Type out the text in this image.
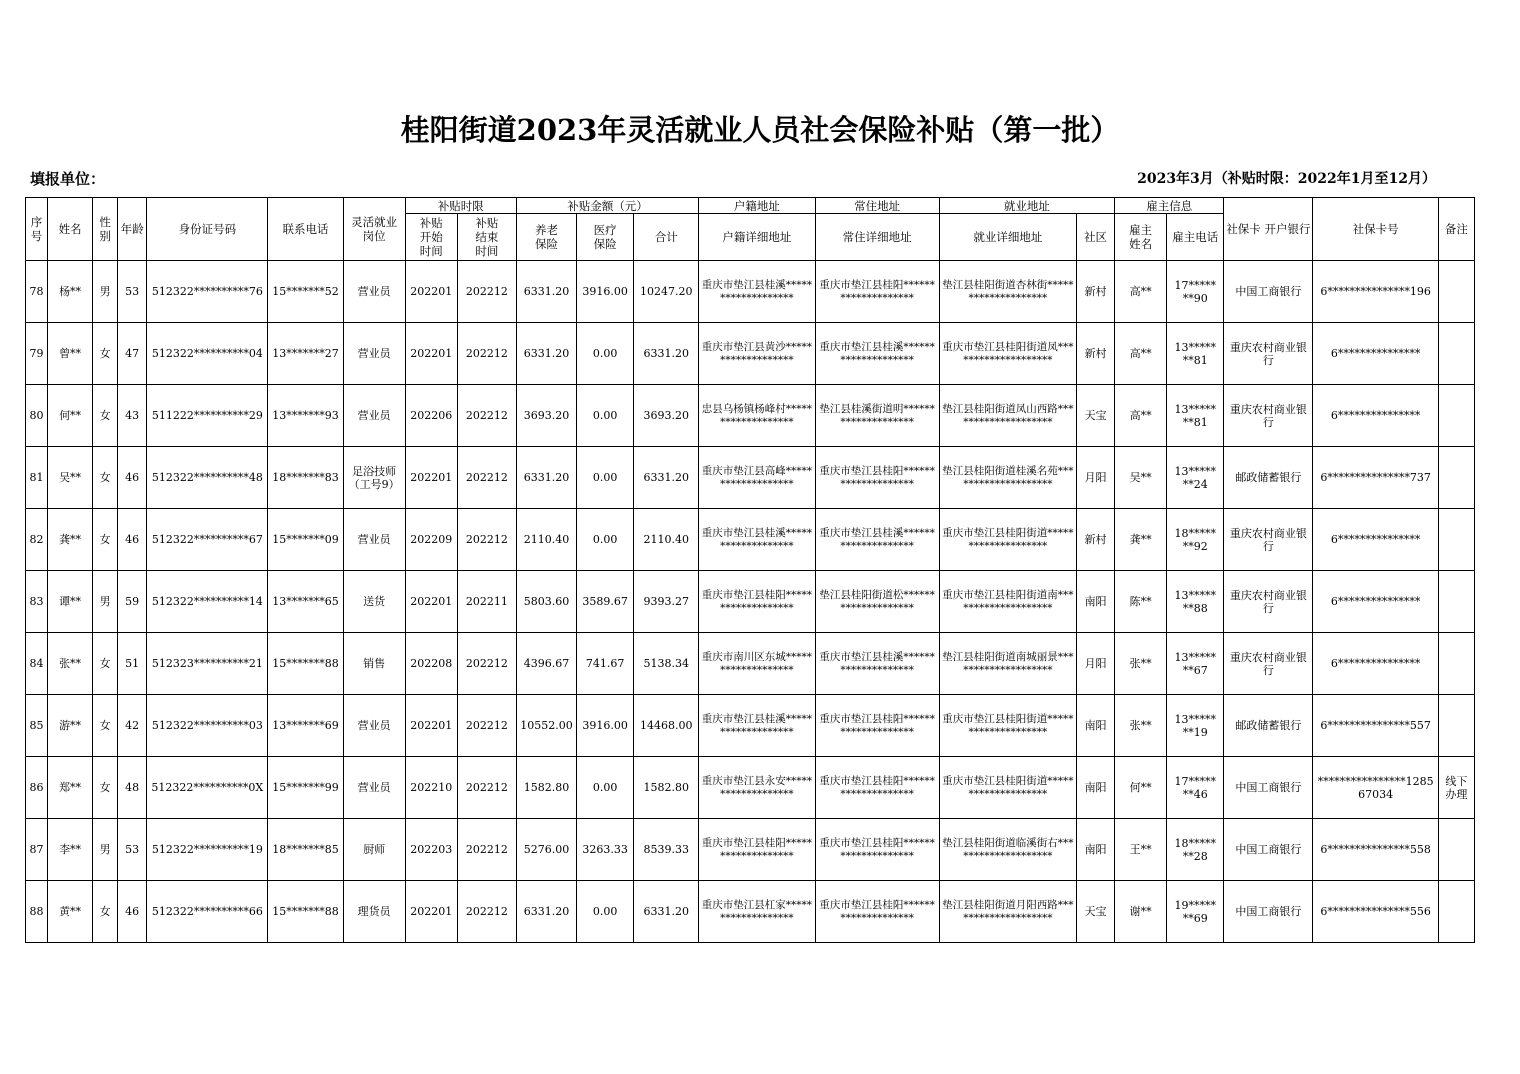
桂阳街道2023年灵活就业人员社会保险补贴（第一批）
填报单位：	2023年3月（补贴时限：2022年1月至12月）
序号	姓名	性别	年龄	身份证号码	联系电话	灵活就业岗位	补贴时限		补贴金额（元）			户籍地址	常住地址	就业地址		雇主信息		社保卡 开户银行	社保卡号	备注
							补贴开始时间	补贴结束时间	养老保险	医疗保险	合计	户籍详细地址	常住详细地址	就业详细地址	社区	雇主姓名	雇主电话			
78	杨**	男	53	512322**********76	15*******52	营业员	202201	202212	6331.20	3916.00	10247.20	重庆市垫江县桂溪*******************	重庆市垫江县桂阳********************	垫江县桂阳街道杏林街********************	新村	高**	17*******90	中国工商银行	6***************196	
79	曾**	女	47	512322**********04	13*******27	营业员	202201	202212	6331.20	0.00	6331.20	重庆市垫江县黄沙*******************	重庆市垫江县桂溪********************	重庆市垫江县桂阳街道凤********************	新村	高**	13*******81	重庆农村商业银行	6***************	
80	何**	女	43	511222**********29	13*******93	营业员	202206	202212	3693.20	0.00	3693.20	忠县乌杨镇杨峰村*******************	垫江县桂溪街道明********************	垫江县桂阳街道凤山西路********************	天宝	高**	13*******81	重庆农村商业银行	6***************	
81	吴**	女	46	512322**********48	18*******83	足浴技师（工号9）	202201	202212	6331.20	0.00	6331.20	重庆市垫江县高峰*******************	重庆市垫江县桂阳********************	垫江县桂阳街道桂溪名苑********************	月阳	吴**	13*******24	邮政储蓄银行	6***************737	
82	龚**	女	46	512322**********67	15*******09	营业员	202209	202212	2110.40	0.00	2110.40	重庆市垫江县桂溪*******************	重庆市垫江县桂溪********************	重庆市垫江县桂阳街道********************	新村	龚**	18*******92	重庆农村商业银行	6***************	
83	谭**	男	59	512322**********14	13*******65	送货	202201	202211	5803.60	3589.67	9393.27	重庆市垫江县桂阳*******************	垫江县桂阳街道松********************	重庆市垫江县桂阳街道南********************	南阳	陈**	13*******88	重庆农村商业银行	6***************	
84	张**	女	51	512323**********21	15*******88	销售	202208	202212	4396.67	741.67	5138.34	重庆市南川区东城*******************	重庆市垫江县桂溪********************	垫江县桂阳街道南城丽景********************	月阳	张**	13*******67	重庆农村商业银行	6***************	
85	游**	女	42	512322**********03	13*******69	营业员	202201	202212	10552.00	3916.00	14468.00	重庆市垫江县桂溪*******************	重庆市垫江县桂阳********************	重庆市垫江县桂阳街道********************	南阳	张**	13*******19	邮政储蓄银行	6***************557	
86	郑**	女	48	512322**********0X	15*******99	营业员	202210	202212	1582.80	0.00	1582.80	重庆市垫江县永安*******************	重庆市垫江县桂阳********************	重庆市垫江县桂阳街道********************	南阳	何**	17*******46	中国工商银行	****************128567034	线下办理
87	李**	男	53	512322**********19	18*******85	厨师	202203	202212	5276.00	3263.33	8539.33	重庆市垫江县桂阳*******************	重庆市垫江县桂阳********************	垫江县桂阳街道临溪街右********************	南阳	王**	18*******28	中国工商银行	6***************558	
88	黄**	女	46	512322**********66	15*******88	理货员	202201	202212	6331.20	0.00	6331.20	重庆市垫江县杠家*******************	重庆市垫江县桂阳********************	垫江县桂阳街道月阳西路********************	天宝	谢**	19*******69	中国工商银行	6***************556	
